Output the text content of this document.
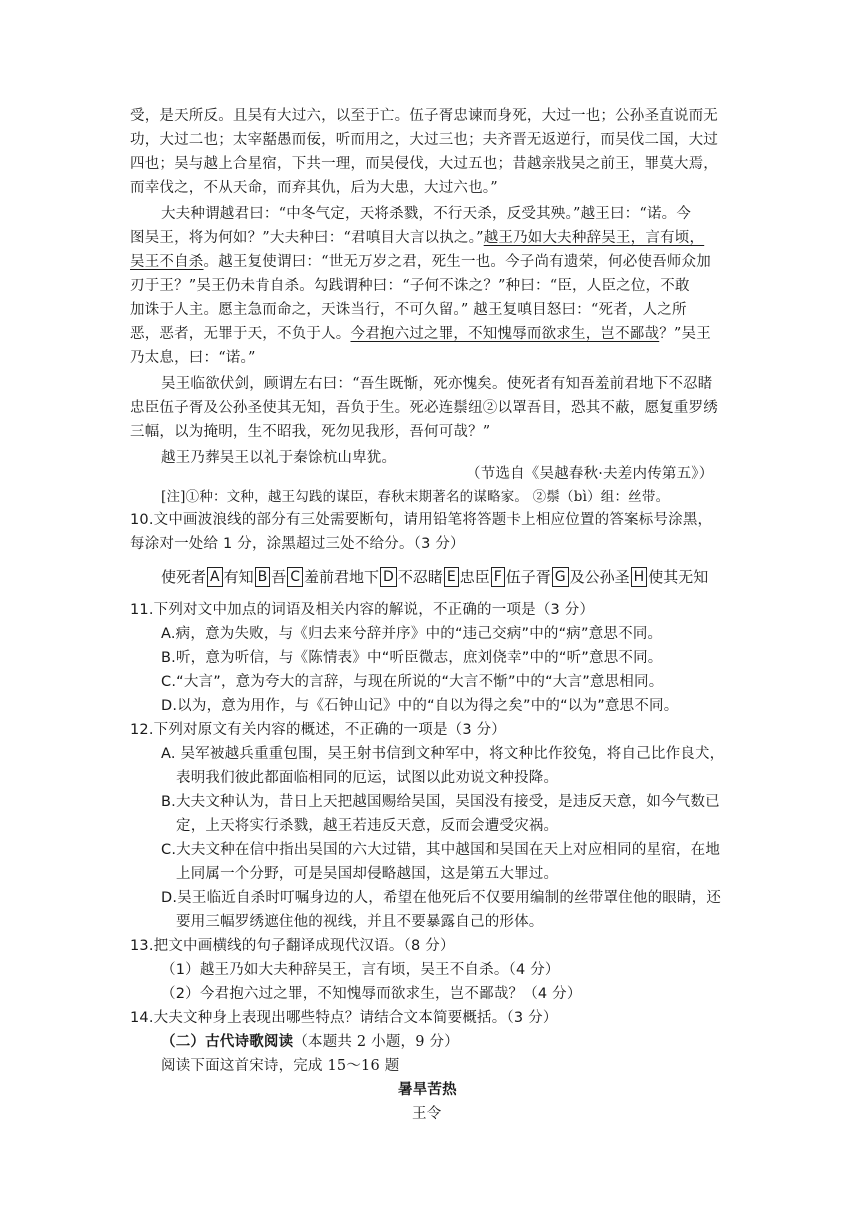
受，是天所反。且吴有大过六，以至于亡。伍子胥忠谏而身死，大过一也；公孙圣直说而无
功，大过二也；太宰嚭愚而佞，听而用之，大过三也；夫齐晋无返逆行，而吴伐二国，大过
四也；吴与越上合星宿，下共一理，而吴侵伐，大过五也；昔越亲戕吴之前王，罪莫大焉，
而幸伐之，不从天命，而弃其仇，后为大患，大过六也。”
大夫种谓越君曰：“中冬气定，天将杀戮，不行天杀，反受其殃。”越王曰：“诺。今
图吴王，将为何如？”大夫种曰：“君嗔目大言以执之。”越王乃如大夫种辞吴王，言有顷，
吴王不自杀。越王复使谓曰：“世无万岁之君，死生一也。今子尚有遗荣，何必使吾师众加
刃于王？”吴王仍未肯自杀。勾践谓种曰：“子何不诛之？”种曰：“臣，人臣之位，不敢
加诛于人主。愿主急而命之，天诛当行，不可久留。” 越王复嗔目怒曰：“死者，人之所
恶，恶者，无罪于天，不负于人。今君抱六过之罪，不知愧辱而欲求生，岂不鄙哉？”吴王
乃太息，曰：“诺。”
吴王临欲伏剑，顾谓左右曰：“吾生既惭，死亦愧矣。使死者有知吾羞前君地下不忍睹
忠臣伍子胥及公孙圣使其无知，吾负于生。死必连鬃纽②以罩吾目，恐其不蔽，愿复重罗绣
三幅，以为掩明，生不昭我，死勿见我形，吾何可哉？”
越王乃葬吴王以礼于秦馀杭山卑犹。
（节选自《吴越春秋·夫差内传第五》）
[注]①种：文种，越王勾践的谋臣，春秋末期著名的谋略家。 ②鬃（bì）组：丝带。
10.文中画波浪线的部分有三处需要断句，请用铅笔将答题卡上相应位置的答案标号涂黑，
每涂对一处给 1 分，涂黑超过三处不给分。（3 分）
使死者 A 有知 B 吾 C 羞前君地下 D 不忍睹 E 忠臣 F 伍子胥 G 及公孙圣 H 使其无知
11.下列对文中加点的词语及相关内容的解说，不正确的一项是（3 分）
A.病，意为失败，与《归去来兮辞并序》中的“违己交病”中的“病”意思不同。
B.听，意为听信，与《陈情表》中“听臣微志，庶刘侥幸”中的“听”意思不同。
C.“大言”，意为夸大的言辞，与现在所说的“大言不惭”中的“大言”意思相同。
D.以为，意为用作，与《石钟山记》中的“自以为得之矣”中的“以为”意思不同。
12.下列对原文有关内容的概述，不正确的一项是（3 分）
A. 吴军被越兵重重包围，吴王射书信到文种军中，将文种比作狡兔，将自己比作良犬，
表明我们彼此都面临相同的厄运，试图以此劝说文种投降。
B.大夫文种认为，昔日上天把越国赐给吴国，吴国没有接受，是违反天意，如今气数已
定，上天将实行杀戮，越王若违反天意，反而会遭受灾祸。
C.大夫文种在信中指出吴国的六大过错，其中越国和吴国在天上对应相同的星宿，在地
上同属一个分野，可是吴国却侵略越国，这是第五大罪过。
D.吴王临近自杀时叮嘱身边的人，希望在他死后不仅要用编制的丝带罩住他的眼睛，还
要用三幅罗绣遮住他的视线，并且不要暴露自己的形体。
13.把文中画横线的句子翻译成现代汉语。（8 分）
（1）越王乃如大夫种辞吴王，言有顷，吴王不自杀。（4 分）
（2）今君抱六过之罪，不知愧辱而欲求生，岂不鄙哉？（4 分）
14.大夫文种身上表现出哪些特点？请结合文本简要概括。（3 分）
（二）古代诗歌阅读（本题共 2 小题，9 分）
阅读下面这首宋诗，完成 15～16 题
暑旱苦热
王令
